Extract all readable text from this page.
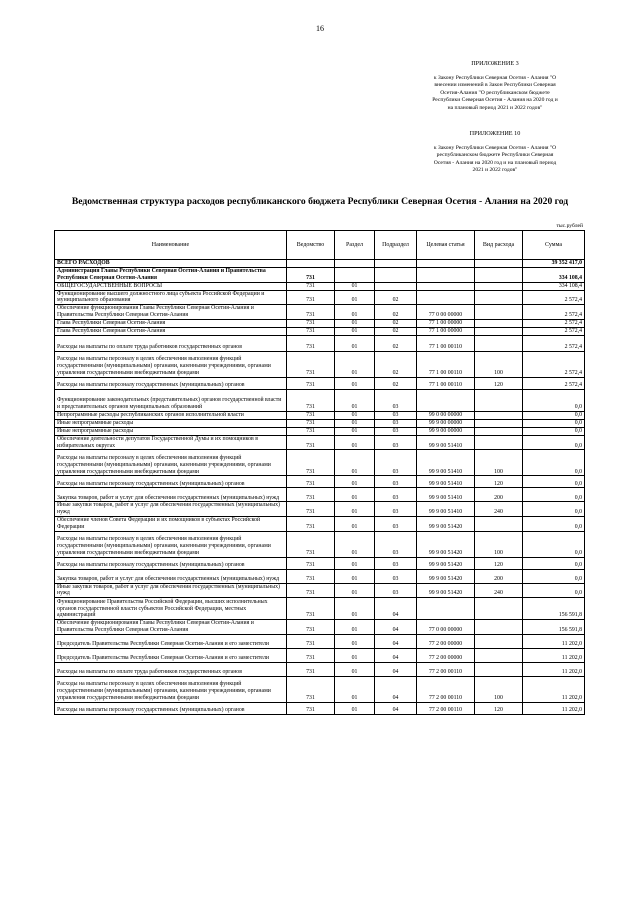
16
ПРИЛОЖЕНИЕ 3
к Закону Республики Северная Осетия - Алания "О
внесении изменений в Закон Республики Северная
Осетия-Алания "О республиканском бюджете
Республики Северная Осетия - Алания на 2020 год и
на плановый период 2021 и 2022 годов"
ПРИЛОЖЕНИЕ 10
к Закону Республики Северная Осетия - Алания "О
республиканском бюджете Республики Северная
Осетия - Алания на 2020 год и на плановый период
2021 и 2022 годов"
Ведомственная структура расходов республиканского бюджета Республики Северная Осетия - Алания на 2020 год
тыс.рублей
Наименование	Ведомство	Раздел	Подраздел	Целевая статья	Вид расхода	Сумма
ВСЕГО РАСХОДОВ						39 352 417,0
Администрация Главы Республики Северная Осетия-Алания и Правительства Республики Северная Осетия-Алания	731					334 108,4
ОБЩЕГОСУДАРСТВЕННЫЕ ВОПРОСЫ	731	01				334 108,4
Функционирование высшего должностного лица субъекта Российской Федерации и муниципального образования	731	01	02			2 572,4
Обеспечение функционирования Главы Республики Северная Осетия-Алания и Правительства Республики Северная Осетия-Алания	731	01	02	77 0 00 00000		2 572,4
Глава Республики Северная Осетия-Алания	731	01	02	77 1 00 00000		2 572,4
Глава Республики Северная Осетия-Алания	731	01	02	77 1 00 00000		2 572,4
Расходы на выплаты по оплате труда работников государственных органов	731	01	02	77 1 00 00110		2 572,4
Расходы на выплаты персоналу в целях обеспечения выполнения функций государственными (муниципальными) органами, казенными учреждениями, органами управления государственными внебюджетными фондами	731	01	02	77 1 00 00110	100	2 572,4
Расходы на выплаты персоналу государственных (муниципальных) органов	731	01	02	77 1 00 00110	120	2 572,4
Функционирование законодательных (представительных) органов государственной власти и представительных органов муниципальных образований	731	01	03			0,0
Непрограммные расходы республиканских органов исполнительной власти	731	01	03	99 0 00 00000		0,0
Иные непрограммные расходы	731	01	03	99 9 00 00000		0,0
Иные непрограммные расходы	731	01	03	99 9 00 00000		0,0
Обеспечение деятельности депутатов Государственной Думы и их помощников в избирательных округах	731	01	03	99 9 00 51410		0,0
Расходы на выплаты персоналу в целях обеспечения выполнения функций государственными (муниципальными) органами, казенными учреждениями, органами управления государственными внебюджетными фондами	731	01	03	99 9 00 51410	100	0,0
Расходы на выплаты персоналу государственных (муниципальных) органов	731	01	03	99 9 00 51410	120	0,0
Закупка товаров, работ и услуг для обеспечения государственных (муниципальных) нужд	731	01	03	99 9 00 51410	200	0,0
Иные закупки товаров, работ и услуг для обеспечения государственных (муниципальных) нужд	731	01	03	99 9 00 51410	240	0,0
Обеспечение членов Совета Федерации и их помощников в субъектах Российской Федерации	731	01	03	99 9 00 51420		0,0
Расходы на выплаты персоналу в целях обеспечения выполнения функций государственными (муниципальными) органами, казенными учреждениями, органами управления государственными внебюджетными фондами	731	01	03	99 9 00 51420	100	0,0
Расходы на выплаты персоналу государственных (муниципальных) органов	731	01	03	99 9 00 51420	120	0,0
Закупка товаров, работ и услуг для обеспечения государственных (муниципальных) нужд	731	01	03	99 9 00 51420	200	0,0
Иные закупки товаров, работ и услуг для обеспечения государственных (муниципальных) нужд	731	01	03	99 9 00 51420	240	0,0
Функционирование Правительства Российской Федерации, высших исполнительных органов государственной власти субъектов Российской Федерации, местных администраций	731	01	04			156 591,8
Обеспечение функционирования Главы Республики Северная Осетия-Алания и Правительства Республики Северная Осетия-Алания	731	01	04	77 0 00 00000		156 591,8
Председатель Правительства Республики Северная Осетия-Алания и его заместители	731	01	04	77 2 00 00000		11 202,0
Председатель Правительства Республики Северная Осетия-Алания и его заместители	731	01	04	77 2 00 00000		11 202,0
Расходы на выплаты по оплате труда работников государственных органов	731	01	04	77 2 00 00110		11 202,0
Расходы на выплаты персоналу в целях обеспечения выполнения функций государственными (муниципальными) органами, казенными учреждениями, органами управления государственными внебюджетными фондами	731	01	04	77 2 00 00110	100	11 202,0
Расходы на выплаты персоналу государственных (муниципальных) органов	731	01	04	77 2 00 00110	120	11 202,0
